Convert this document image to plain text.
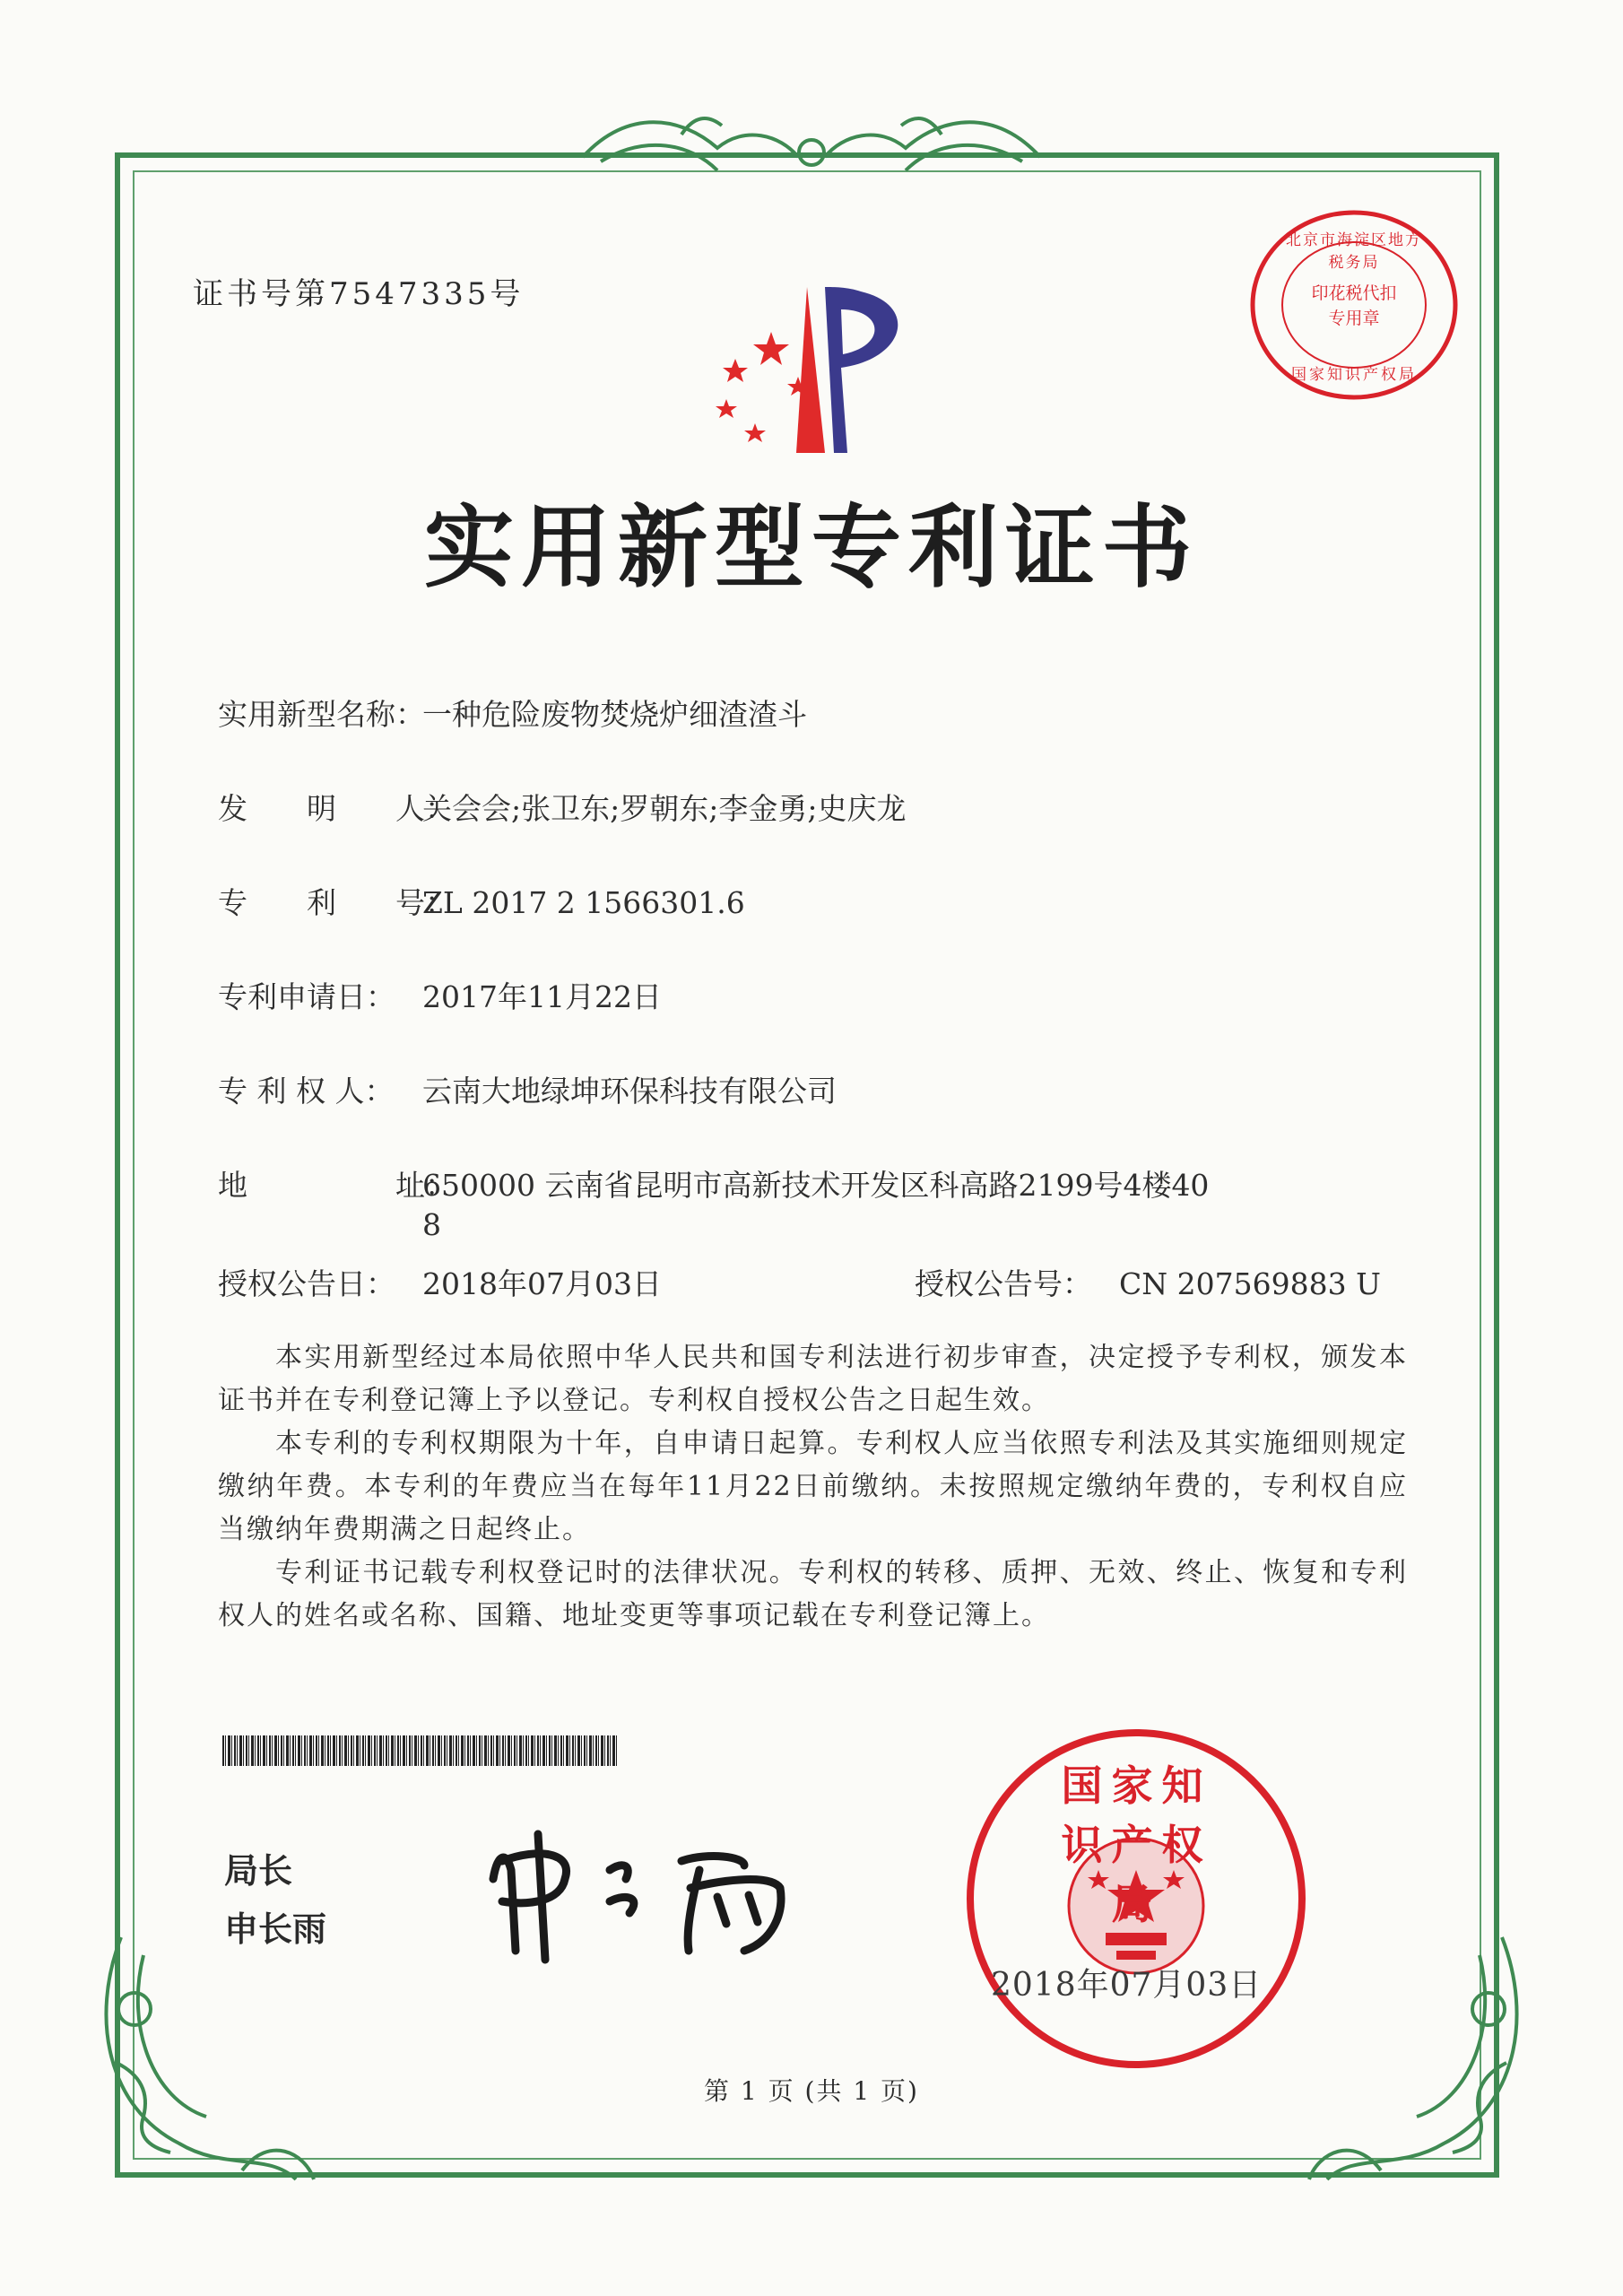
证书号第7547335号
北京市海淀区地方税务局
印花税代扣专用章
国家知识产权局
实用新型专利证书
实用新型名称：一种危险废物焚烧炉细渣渣斗
发　　明　　人：关会会;张卫东;罗朝东;李金勇;史庆龙
专　　利　　号：ZL 2017 2 1566301.6
专利申请日： 2017年11月22日
专 利 权 人： 云南大地绿坤环保科技有限公司
地　　　　　址：650000 云南省昆明市高新技术开发区科高路2199号4楼40
8
授权公告日： 2018年07月03日	授权公告号： CN 207569883 U

本实用新型经过本局依照中华人民共和国专利法进行初步审查，决定授予专利权，颁发本证书并在专利登记簿上予以登记。专利权自授权公告之日起生效。

本专利的专利权期限为十年，自申请日起算。专利权人应当依照专利法及其实施细则规定缴纳年费。本专利的年费应当在每年11月22日前缴纳。未按照规定缴纳年费的，专利权自应当缴纳年费期满之日起终止。

专利证书记载专利权登记时的法律状况。专利权的转移、质押、无效、终止、恢复和专利权人的姓名或名称、国籍、地址变更等事项记载在专利登记簿上。

局长
申长雨
国家知识产权局
2018年07月03日
第 1 页 (共 1 页)
